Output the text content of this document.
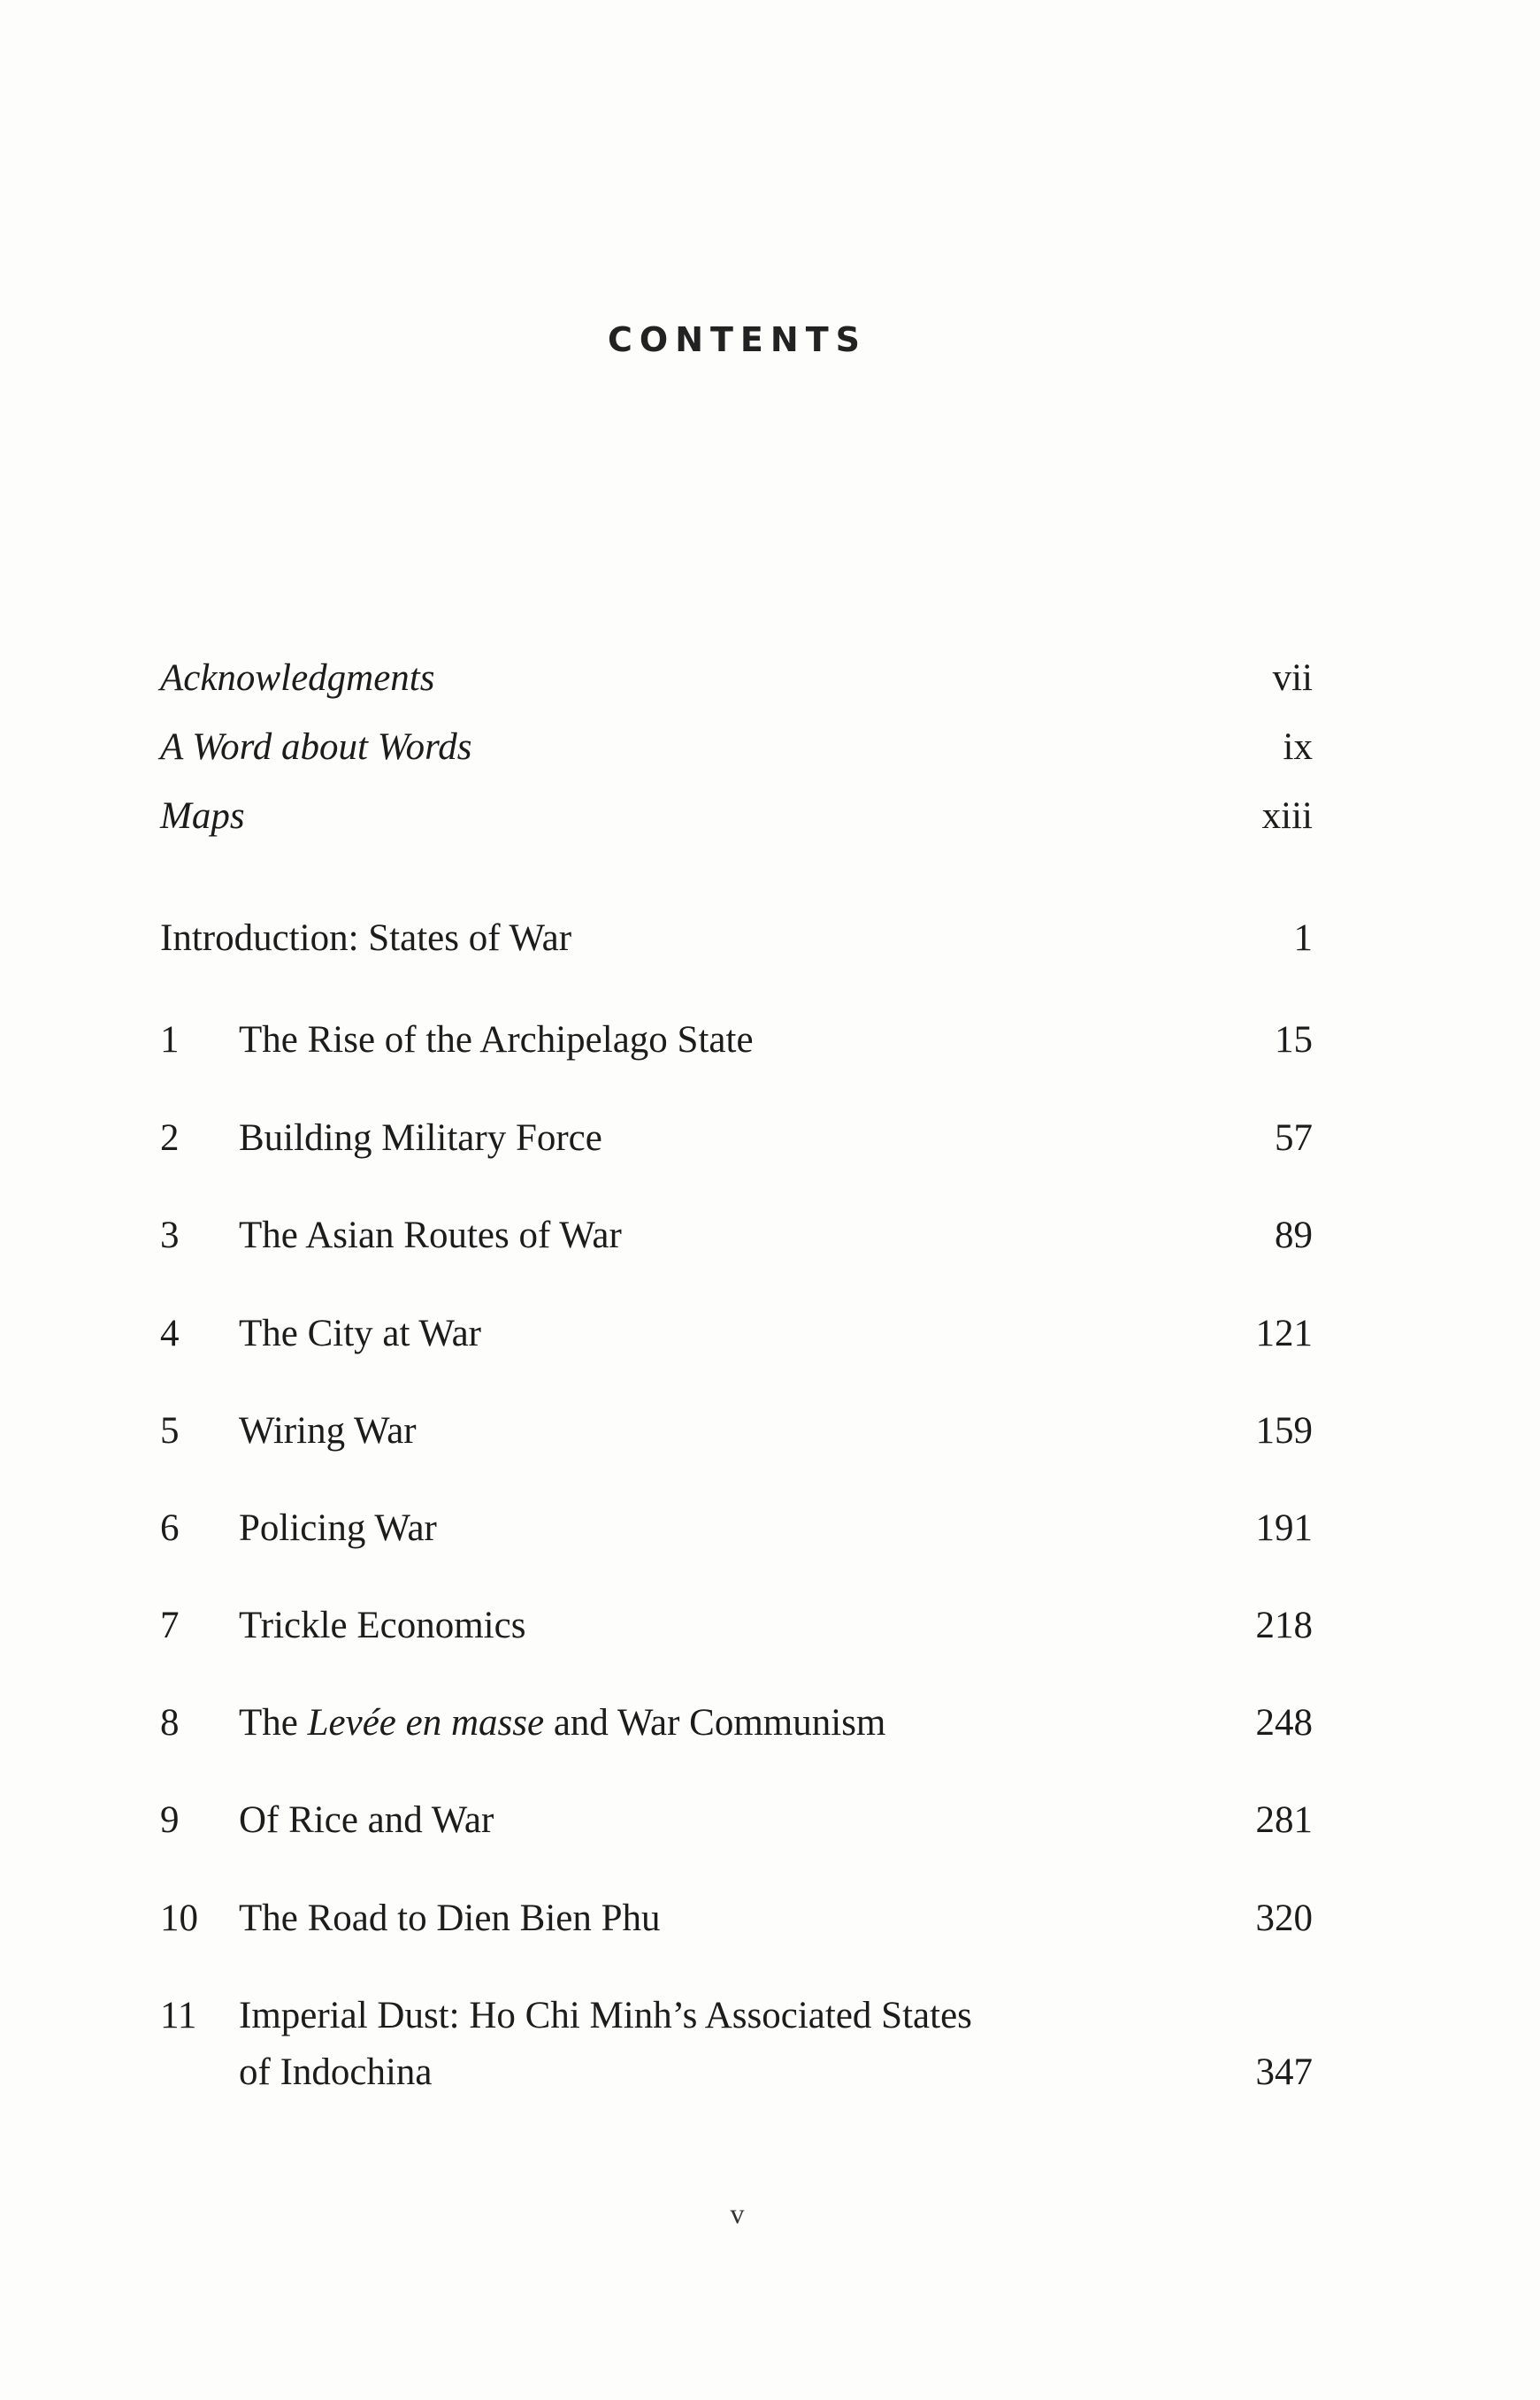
CONTENTS
Acknowledgments	vii
A Word about Words	ix
Maps	xiii
Introduction: States of War	1
1	The Rise of the Archipelago State	15
2	Building Military Force	57
3	The Asian Routes of War	89
4	The City at War	121
5	Wiring War	159
6	Policing War	191
7	Trickle Economics	218
8	The Levée en masse and War Communism	248
9	Of Rice and War	281
10	The Road to Dien Bien Phu	320
11	Imperial Dust: Ho Chi Minh’s Associated States
of Indochina	347
v
